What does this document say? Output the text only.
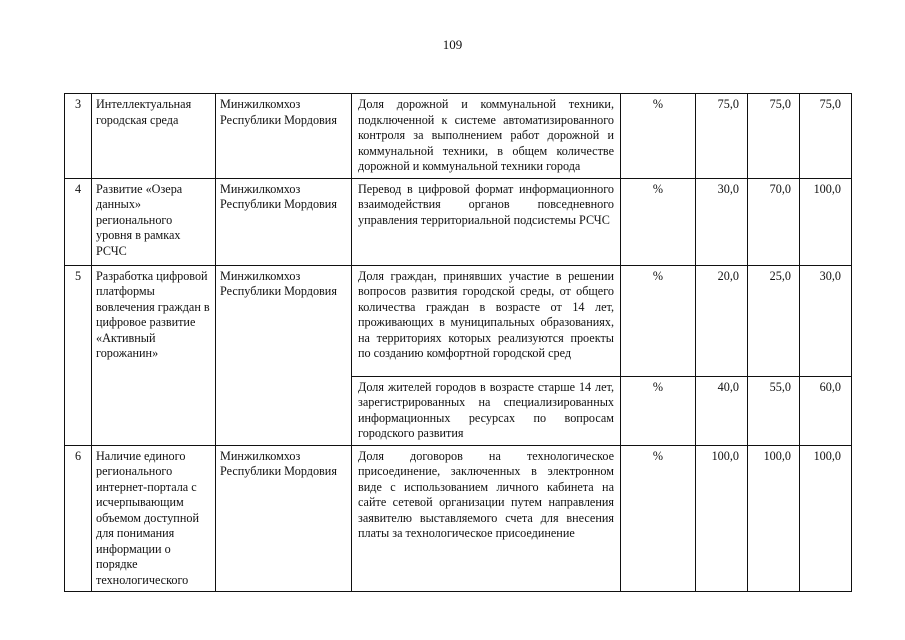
109
3	Интеллектуальная городская среда	Минжилкомхоз Республики Мордовия	Доля дорожной и коммунальной техники, подключенной к системе автоматизированного контроля за выполнением работ дорожной и коммунальной техники, в общем количестве дорожной и коммунальной техники города	%	75,0	75,0	75,0
4	Развитие «Озера данных» регионального уровня в рамках РСЧС	Минжилкомхоз Республики Мордовия	Перевод в цифровой формат информационного взаимодействия органов повседневного управления территориальной подсистемы РСЧС	%	30,0	70,0	100,0
5	Разработка цифровой платформы вовлечения граждан в цифровое развитие «Активный горожанин»	Минжилкомхоз Республики Мордовия	Доля граждан, принявших участие в решении вопросов развития городской среды, от общего количества граждан в возрасте от 14 лет, проживающих в муниципальных образованиях, на территориях которых реализуются проекты по созданию комфортной городской сред	%	20,0	25,0	30,0
			Доля жителей городов в возрасте старше 14 лет, зарегистрированных на специализированных информационных ресурсах по вопросам городского развития	%	40,0	55,0	60,0
6	Наличие единого регионального интернет-портала с исчерпывающим объемом доступной для понимания информации о порядке технологического	Минжилкомхоз Республики Мордовия	Доля договоров на технологическое присоединение, заключенных в электронном виде с использованием личного кабинета на сайте сетевой организации путем направления заявителю выставляемого счета для внесения платы за технологическое присоединение	%	100,0	100,0	100,0
